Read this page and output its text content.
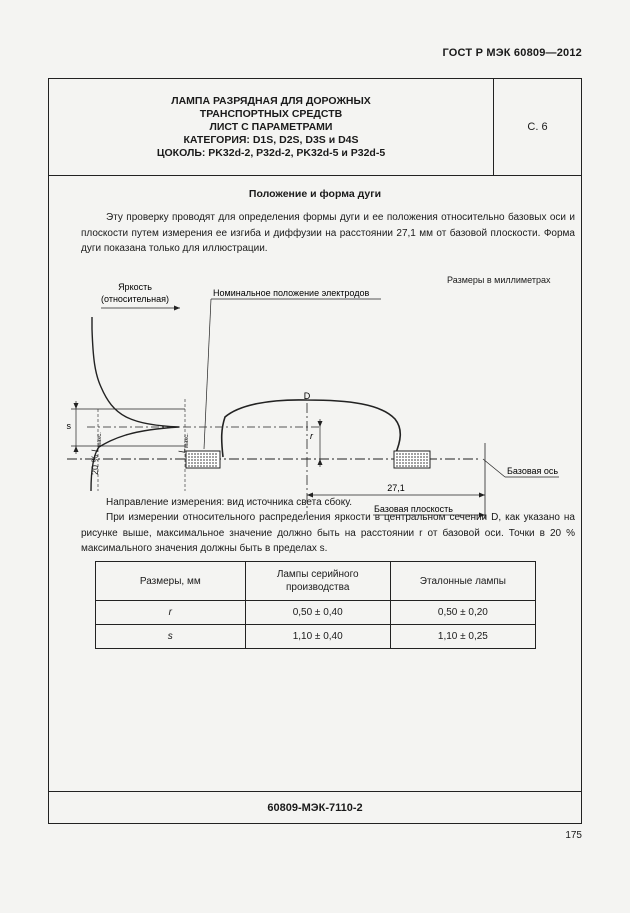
ГОСТ Р МЭК 60809—2012
ЛАМПА РАЗРЯДНАЯ ДЛЯ ДОРОЖНЫХ
ТРАНСПОРТНЫХ СРЕДСТВ
ЛИСТ С ПАРАМЕТРАМИ
КАТЕГОРИЯ: D1S, D2S, D3S и D4S
ЦОКОЛЬ: PK32d-2, P32d-2, PK32d-5 и P32d-5
С. 6
Положение и форма дуги
Эту проверку проводят для определения формы дуги и ее положения относительно базовых оси и плоскости путем измерения ее изгиба и диффузии на расстоянии 27,1 мм от базовой плоскости. Форма дуги показана только для иллюстрации.
Размеры в миллиметрах
Яркость
(относительная)
Номинальное положение электродов
s
D
r
27,1
Базовая плоскость
Базовая ось
20 % $L_{макс.}$
$L_{макс.}$
Направление измерения: вид источника света сбоку.
При измерении относительного распределения яркости в центральном сечении D, как указано на рисунке выше, максимальное значение должно быть на расстоянии r от базовой оси. Точки в 20 % максимального значения должны быть в пределах s.
Размеры, мм	Лампы серийного производства	Эталонные лампы
r	0,50 ± 0,40	0,50 ± 0,20
s	1,10 ± 0,40	1,10 ± 0,25
60809-МЭК-7110-2
175
